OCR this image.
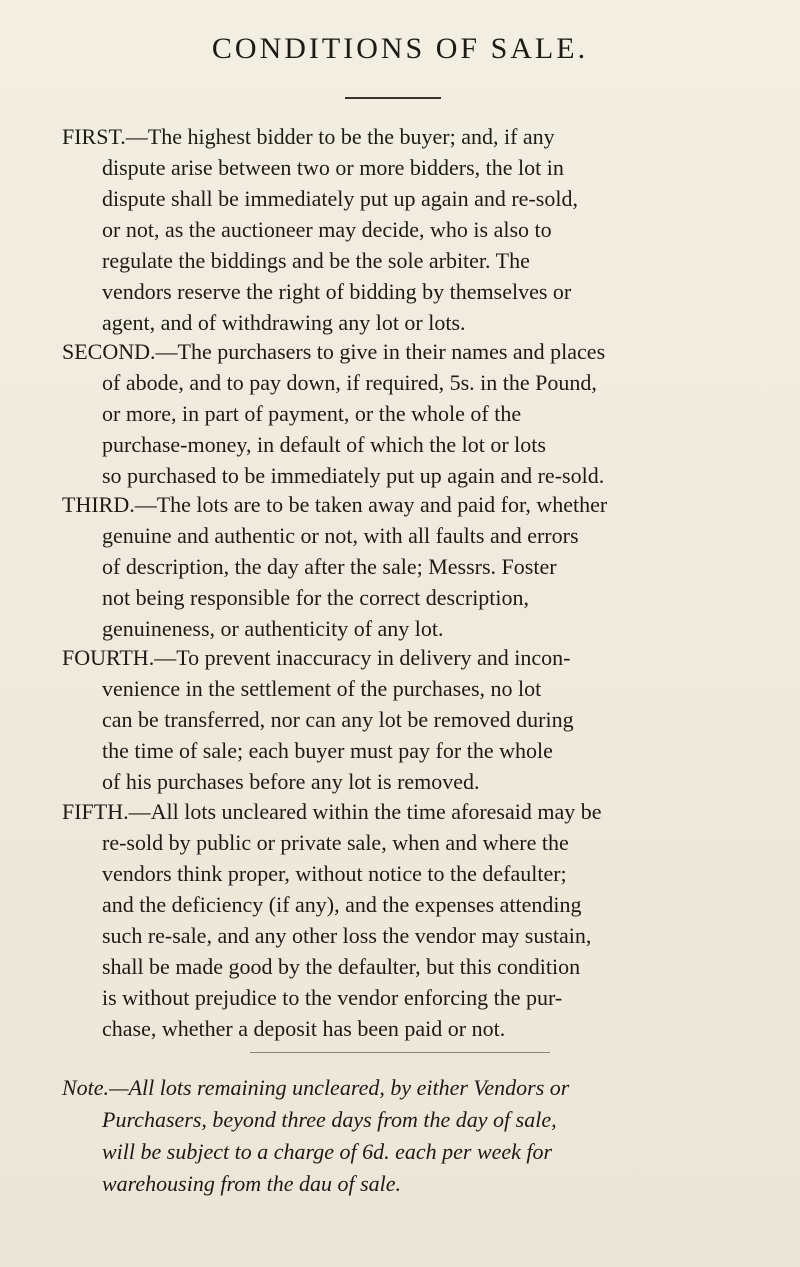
CONDITIONS OF SALE.
FIRST.—The highest bidder to be the buyer; and, if any
dispute arise between two or more bidders, the lot in
dispute shall be immediately put up again and re-sold,
or not, as the auctioneer may decide, who is also to
regulate the biddings and be the sole arbiter. The
vendors reserve the right of bidding by themselves or
agent, and of withdrawing any lot or lots.
SECOND.—The purchasers to give in their names and places
of abode, and to pay down, if required, 5s. in the Pound,
or more, in part of payment, or the whole of the
purchase-money, in default of which the lot or lots
so purchased to be immediately put up again and re-sold.
THIRD.—The lots are to be taken away and paid for, whether
genuine and authentic or not, with all faults and errors
of description, the day after the sale; Messrs. Foster
not being responsible for the correct description,
genuineness, or authenticity of any lot.
FOURTH.—To prevent inaccuracy in delivery and incon-
venience in the settlement of the purchases, no lot
can be transferred, nor can any lot be removed during
the time of sale; each buyer must pay for the whole
of his purchases before any lot is removed.
FIFTH.—All lots uncleared within the time aforesaid may be
re-sold by public or private sale, when and where the
vendors think proper, without notice to the defaulter;
and the deficiency (if any), and the expenses attending
such re-sale, and any other loss the vendor may sustain,
shall be made good by the defaulter, but this condition
is without prejudice to the vendor enforcing the pur-
chase, whether a deposit has been paid or not.
Note.—All lots remaining uncleared, by either Vendors or
Purchasers, beyond three days from the day of sale,
will be subject to a charge of 6d. each per week for
warehousing from the dau of sale.
